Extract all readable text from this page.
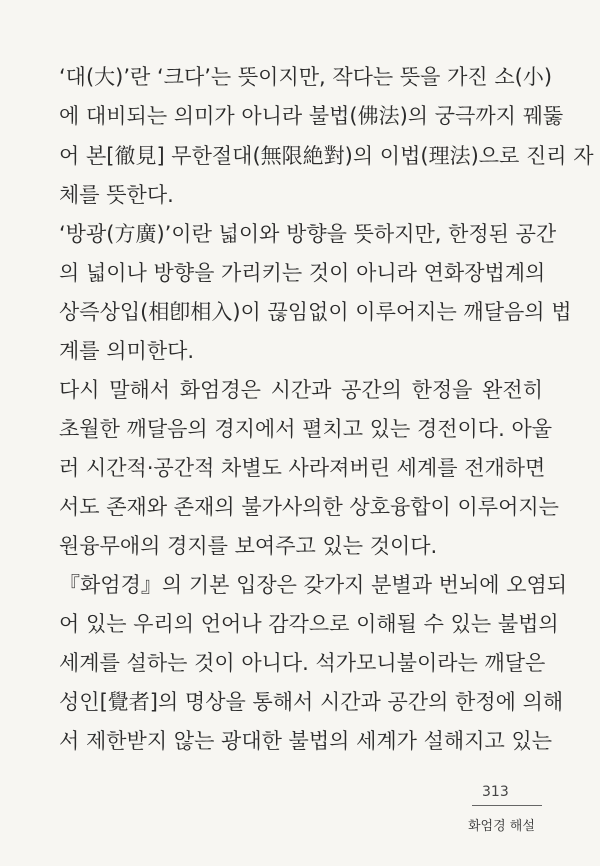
‘대(大)’란 ‘크다’는 뜻이지만, 작다는 뜻을 가진 소(小)
에 대비되는 의미가 아니라 불법(佛法)의 궁극까지 꿰뚫
어 본[徹見] 무한절대(無限絶對)의 이법(理法)으로 진리 자
체를 뜻한다.
‘방광(方廣)’이란 넓이와 방향을 뜻하지만, 한정된 공간
의 넓이나 방향을 가리키는 것이 아니라 연화장법계의
상즉상입(相卽相入)이 끊임없이 이루어지는 깨달음의 법
계를 의미한다.
다시 말해서 화엄경은 시간과 공간의 한정을 완전히
초월한 깨달음의 경지에서 펼치고 있는 경전이다. 아울
러 시간적·공간적 차별도 사라져버린 세계를 전개하면
서도 존재와 존재의 불가사의한 상호융합이 이루어지는
원융무애의 경지를 보여주고 있는 것이다.
『화엄경』의 기본 입장은 갖가지 분별과 번뇌에 오염되
어 있는 우리의 언어나 감각으로 이해될 수 있는 불법의
세계를 설하는 것이 아니다. 석가모니불이라는 깨달은
성인[覺者]의 명상을 통해서 시간과 공간의 한정에 의해
서 제한받지 않는 광대한 불법의 세계가 설해지고 있는
313
화엄경 해설
